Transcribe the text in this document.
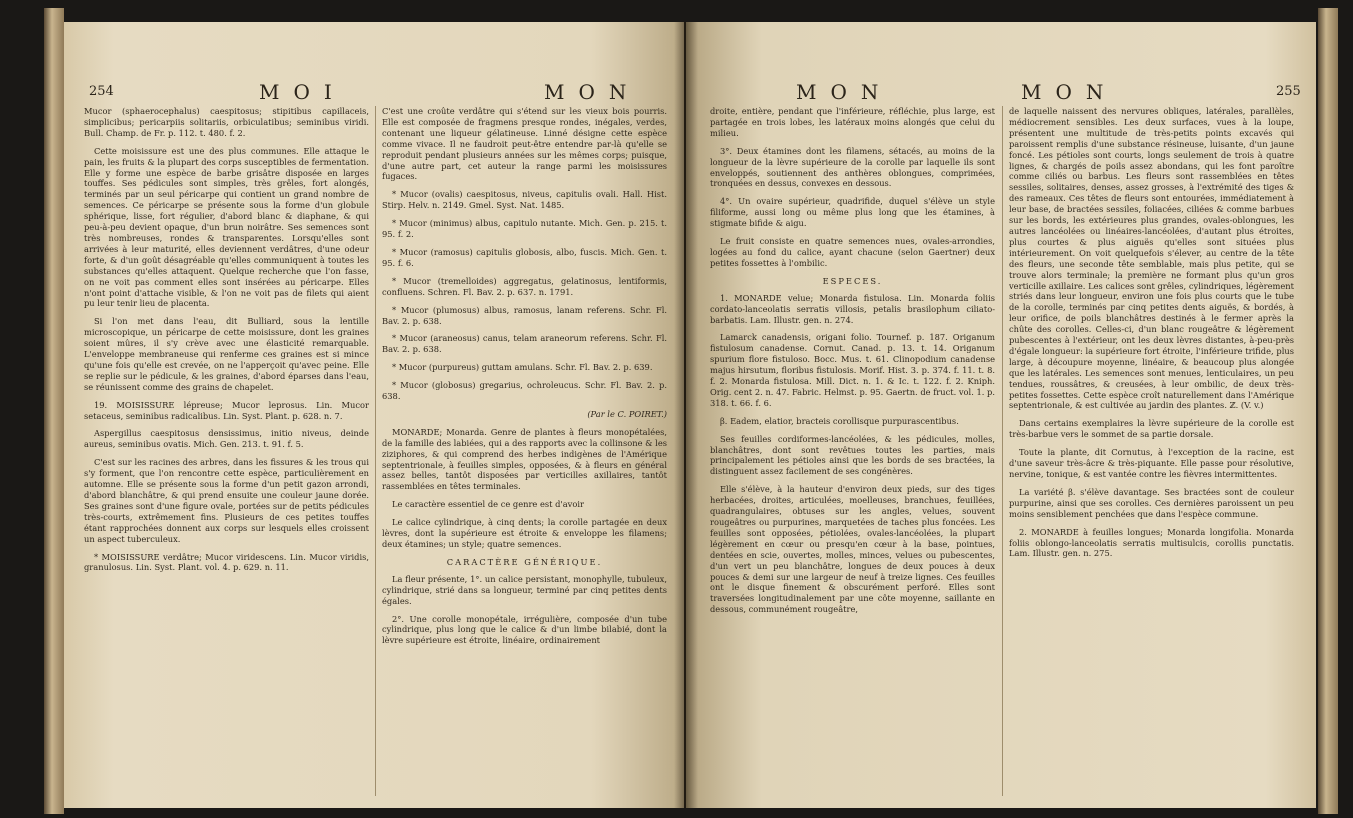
254	MOI	MON

Mucor (sphaerocephalus) caespitosus; stipitibus capillaceis, simplicibus; pericarpiis solitariis, orbiculatibus; seminibus viridi. Bull. Champ. de Fr. p. 112. t. 480. f. 2.

Cette moisissure est une des plus communes. Elle attaque le pain, les fruits & la plupart des corps susceptibles de fermentation. Elle y forme une espèce de barbe grisâtre disposée en larges touffes. Ses pédicules sont simples, très grêles, fort alongés, terminés par un seul péricarpe qui contient un grand nombre de semences. Ce péricarpe se présente sous la forme d'un globule sphérique, lisse, fort régulier, d'abord blanc & diaphane, & qui peu-à-peu devient opaque, d'un brun noirâtre. Ses semences sont très nombreuses, rondes & transparentes. Lorsqu'elles sont arrivées à leur maturité, elles deviennent verdâtres, d'une odeur forte, & d'un goût désagréable qu'elles communiquent à toutes les substances qu'elles attaquent. Quelque recherche que l'on fasse, on ne voit pas comment elles sont insérées au péricarpe. Elles n'ont point d'attache visible, & l'on ne voit pas de filets qui aient pu leur tenir lieu de placenta.

Si l'on met dans l'eau, dit Bulliard, sous la lentille microscopique, un péricarpe de cette moisissure, dont les graines soient mûres, il s'y crève avec une élasticité remarquable. L'enveloppe membraneuse qui renferme ces graines est si mince qu'une fois qu'elle est crevée, on ne l'apperçoit qu'avec peine. Elle se replie sur le pédicule, & les graines, d'abord éparses dans l'eau, se réunissent comme des grains de chapelet.

19. MOISISSURE lépreuse; Mucor leprosus. Lin. Mucor setaceus, seminibus radicalibus. Lin. Syst. Plant. p. 628. n. 7.

Aspergillus caespitosus densissimus, initio niveus, deinde aureus, seminibus ovatis. Mich. Gen. 213. t. 91. f. 5.

C'est sur les racines des arbres, dans les fissures & les trous qui s'y forment, que l'on rencontre cette espèce, particulièrement en automne. Elle se présente sous la forme d'un petit gazon arrondi, d'abord blanchâtre, & qui prend ensuite une couleur jaune dorée. Ses graines sont d'une figure ovale, portées sur de petits pédicules très-courts, extrêmement fins. Plusieurs de ces petites touffes étant rapprochées donnent aux corps sur lesquels elles croissent un aspect tuberculeux.

* MOISISSURE verdâtre; Mucor viridescens. Lin. Mucor viridis, granulosus. Lin. Syst. Plant. vol. 4. p. 629. n. 11.

C'est une croûte verdâtre qui s'étend sur les vieux bois pourris. Elle est composée de fragmens presque rondes, inégales, verdes, contenant une liqueur gélatineuse. Linné désigne cette espèce comme vivace. Il ne faudroit peut-être entendre par-là qu'elle se reproduit pendant plusieurs années sur les mêmes corps; puisque, d'une autre part, cet auteur la range parmi les moisissures fugaces.

* Mucor (ovalis) caespitosus, niveus, capitulis ovali. Hall. Hist. Stirp. Helv. n. 2149. Gmel. Syst. Nat. 1485.

* Mucor (minimus) albus, capitulo nutante. Mich. Gen. p. 215. t. 95. f. 2.

* Mucor (ramosus) capitulis globosis, albo, fuscis. Mich. Gen. t. 95. f. 6.

* Mucor (tremelloides) aggregatus, gelatinosus, lentiformis, confluens. Schren. Fl. Bav. 2. p. 637. n. 1791.

* Mucor (plumosus) albus, ramosus, lanam referens. Schr. Fl. Bav. 2. p. 638.

* Mucor (araneosus) canus, telam araneorum referens. Schr. Fl. Bav. 2. p. 638.

* Mucor (purpureus) guttam amulans. Schr. Fl. Bav. 2. p. 639.

* Mucor (globosus) gregarius, ochroleucus. Schr. Fl. Bav. 2. p. 638.

(Par le C. POIRET.)

MONARDE; Monarda. Genre de plantes à fleurs monopétalées, de la famille des labiées, qui a des rapports avec la collinsone & les ziziphores, & qui comprend des herbes indigènes de l'Amérique septentrionale, à feuilles simples, opposées, & à fleurs en général assez belles, tantôt disposées par verticilles axillaires, tantôt rassemblées en têtes terminales.

Le caractère essentiel de ce genre est d'avoir

Le calice cylindrique, à cinq dents; la corolle partagée en deux lèvres, dont la supérieure est étroite & enveloppe les filamens; deux étamines; un style; quatre semences.

CARACTÈRE GÉNÉRIQUE.

La fleur présente, 1°. un calice persistant, monophylle, tubuleux, cylindrique, strié dans sa longueur, terminé par cinq petites dents égales.

2°. Une corolle monopétale, irrégulière, composée d'un tube cylindrique, plus long que le calice & d'un limbe bilabié, dont la lèvre supérieure est étroite, linéaire, ordinairement

MON	MON	255

droite, entière, pendant que l'inférieure, réfléchie, plus large, est partagée en trois lobes, les latéraux moins alongés que celui du milieu.

3°. Deux étamines dont les filamens, sétacés, au moins de la longueur de la lèvre supérieure de la corolle par laquelle ils sont enveloppés, soutiennent des anthères oblongues, comprimées, tronquées en dessus, convexes en dessous.

4°. Un ovaire supérieur, quadrifide, duquel s'élève un style filiforme, aussi long ou même plus long que les étamines, à stigmate bifide & aigu.

Le fruit consiste en quatre semences nues, ovales-arrondies, logées au fond du calice, ayant chacune (selon Gaertner) deux petites fossettes à l'ombilic.

ESPECES.

1. MONARDE velue; Monarda fistulosa. Lin. Monarda foliis cordato-lanceolatis serratis villosis, petalis brasilophum ciliato-barbatis. Lam. Illustr. gen. n. 274.

Lamarck canadensis, origani folio. Tournef. p. 187. Origanum fistulosum canadense. Cornut. Canad. p. 13. t. 14. Origanum spurium flore fistuloso. Bocc. Mus. t. 61. Clinopodium canadense majus hirsutum, floribus fistulosis. Morif. Hist. 3. p. 374. f. 11. t. 8. f. 2. Monarda fistulosa. Mill. Dict. n. 1. & Ic. t. 122. f. 2. Kniph. Orig. cent 2. n. 47. Fabric. Helmst. p. 95. Gaertn. de fruct. vol. 1. p. 318. t. 66. f. 6.

β. Eadem, elatior, bracteis corollisque purpurascentibus.

Ses feuilles cordiformes-lancéolées, & les pédicules, molles, blanchâtres, dont sont revêtues toutes les parties, mais principalement les pétioles ainsi que les bords de ses bractées, la distinguent assez facilement de ses congénères.

Elle s'élève, à la hauteur d'environ deux pieds, sur des tiges herbacées, droites, articulées, moelleuses, branchues, feuillées, quadrangulaires, obtuses sur les angles, velues, souvent rougeâtres ou purpurines, marquetées de taches plus foncées. Les feuilles sont opposées, pétiolées, ovales-lancéolées, la plupart légèrement en cœur ou presqu'en cœur à la base, pointues, dentées en scie, ouvertes, molles, minces, velues ou pubescentes, d'un vert un peu blanchâtre, longues de deux pouces à deux pouces & demi sur une largeur de neuf à treize lignes. Ces feuilles ont le disque finement & obscurément perforé. Elles sont traversées longitudinalement par une côte moyenne, saillante en dessous, communément rougeâtre,

de laquelle naissent des nervures obliques, latérales, parallèles, médiocrement sensibles. Les deux surfaces, vues à la loupe, présentent une multitude de très-petits points excavés qui paroissent remplis d'une substance résineuse, luisante, d'un jaune foncé. Les pétioles sont courts, longs seulement de trois à quatre lignes, & chargés de poils assez abondans, qui les font paroître comme ciliés ou barbus. Les fleurs sont rassemblées en têtes sessiles, solitaires, denses, assez grosses, à l'extrémité des tiges & des rameaux. Ces têtes de fleurs sont entourées, immédiatement à leur base, de bractées sessiles, foliacées, ciliées & comme barbues sur les bords, les extérieures plus grandes, ovales-oblongues, les autres lancéolées ou linéaires-lancéolées, d'autant plus étroites, plus courtes & plus aiguës qu'elles sont situées plus intérieurement. On voit quelquefois s'élever, au centre de la tête des fleurs, une seconde tête semblable, mais plus petite, qui se trouve alors terminale; la première ne formant plus qu'un gros verticille axillaire. Les calices sont grêles, cylindriques, légèrement striés dans leur longueur, environ une fois plus courts que le tube de la corolle, terminés par cinq petites dents aiguës, & bordés, à leur orifice, de poils blanchâtres destinés à le fermer après la chûte des corolles. Celles-ci, d'un blanc rougeâtre & légèrement pubescentes à l'extérieur, ont les deux lèvres distantes, à-peu-près d'égale longueur: la supérieure fort étroite, l'inférieure trifide, plus large, à découpure moyenne, linéaire, & beaucoup plus alongée que les latérales. Les semences sont menues, lenticulaires, un peu tendues, roussâtres, & creusées, à leur ombilic, de deux très-petites fossettes. Cette espèce croît naturellement dans l'Amérique septentrionale, & est cultivée au jardin des plantes. ℤ. (V. v.)

Dans certains exemplaires la lèvre supérieure de la corolle est très-barbue vers le sommet de sa partie dorsale.

Toute la plante, dit Cornutus, à l'exception de la racine, est d'une saveur très-âcre & très-piquante. Elle passe pour résolutive, nervine, tonique, & est vantée contre les fièvres intermittentes.

La variété β. s'élève davantage. Ses bractées sont de couleur purpurine, ainsi que ses corolles. Ces dernières paroissent un peu moins sensiblement penchées que dans l'espèce commune.

2. MONARDE à feuilles longues; Monarda longifolia. Monarda foliis oblongo-lanceolatis serratis multisulcis, corollis punctatis. Lam. Illustr. gen. n. 275.
